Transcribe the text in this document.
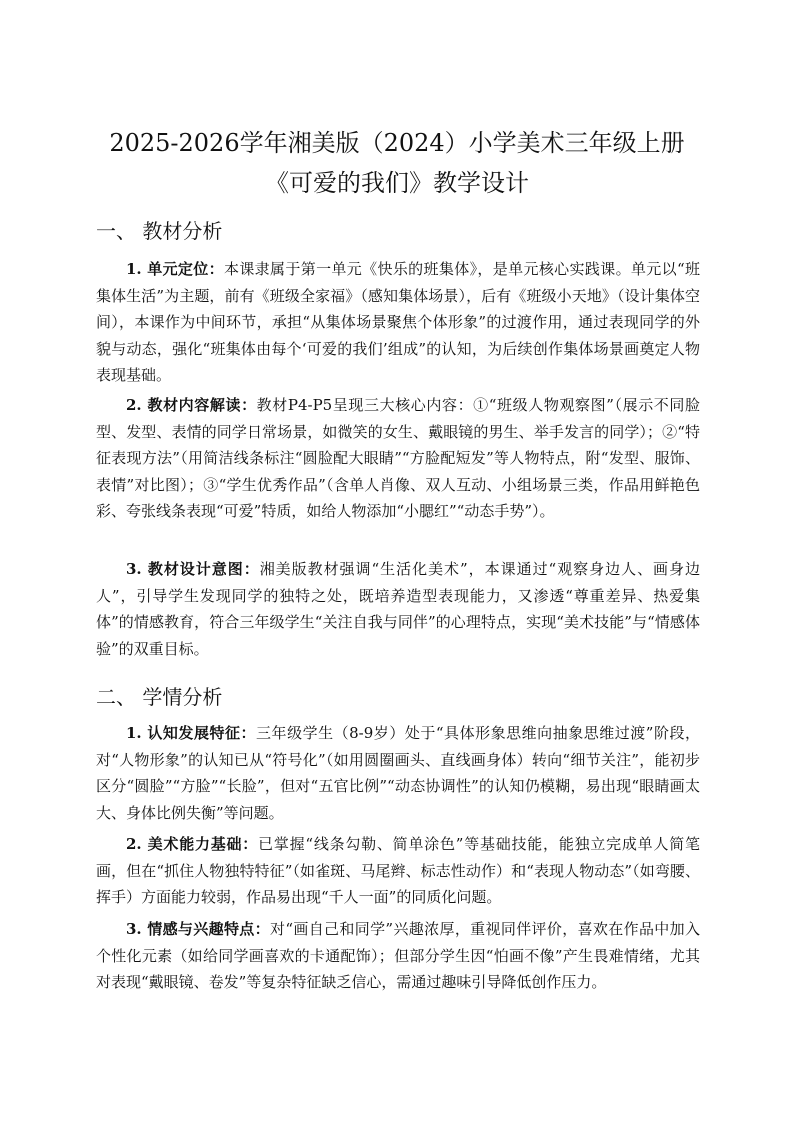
2025-2026学年湘美版（2024）小学美术三年级上册
《可爱的我们》教学设计
一、 教材分析

1. 单元定位：本课隶属于第一单元《快乐的班集体》，是单元核心实践课。单元以“班集体生活”为主题，前有《班级全家福》（感知集体场景），后有《班级小天地》（设计集体空间），本课作为中间环节，承担“从集体场景聚焦个体形象”的过渡作用，通过表现同学的外貌与动态，强化“班集体由每个‘可爱的我们’组成”的认知，为后续创作集体场景画奠定人物表现基础。

2. 教材内容解读：教材P4-P5呈现三大核心内容：①“班级人物观察图”（展示不同脸型、发型、表情的同学日常场景，如微笑的女生、戴眼镜的男生、举手发言的同学）；②“特征表现方法”（用简洁线条标注“圆脸配大眼睛”“方脸配短发”等人物特点，附“发型、服饰、表情”对比图）；③“学生优秀作品”（含单人肖像、双人互动、小组场景三类，作品用鲜艳色彩、夸张线条表现“可爱”特质，如给人物添加“小腮红”“动态手势”）。

3. 教材设计意图：湘美版教材强调“生活化美术”，本课通过“观察身边人、画身边人”，引导学生发现同学的独特之处，既培养造型表现能力，又渗透“尊重差异、热爱集体”的情感教育，符合三年级学生“关注自我与同伴”的心理特点，实现“美术技能”与“情感体验”的双重目标。

二、 学情分析

1. 认知发展特征：三年级学生（8-9岁）处于“具体形象思维向抽象思维过渡”阶段，对“人物形象”的认知已从“符号化”（如用圆圈画头、直线画身体）转向“细节关注”，能初步区分“圆脸”“方脸”“长脸”，但对“五官比例”“动态协调性”的认知仍模糊，易出现“眼睛画太大、身体比例失衡”等问题。

2. 美术能力基础：已掌握“线条勾勒、简单涂色”等基础技能，能独立完成单人简笔画，但在“抓住人物独特特征”（如雀斑、马尾辫、标志性动作）和“表现人物动态”（如弯腰、挥手）方面能力较弱，作品易出现“千人一面”的同质化问题。

3. 情感与兴趣特点：对“画自己和同学”兴趣浓厚，重视同伴评价，喜欢在作品中加入个性化元素（如给同学画喜欢的卡通配饰）；但部分学生因“怕画不像”产生畏难情绪，尤其对表现“戴眼镜、卷发”等复杂特征缺乏信心，需通过趣味引导降低创作压力。
